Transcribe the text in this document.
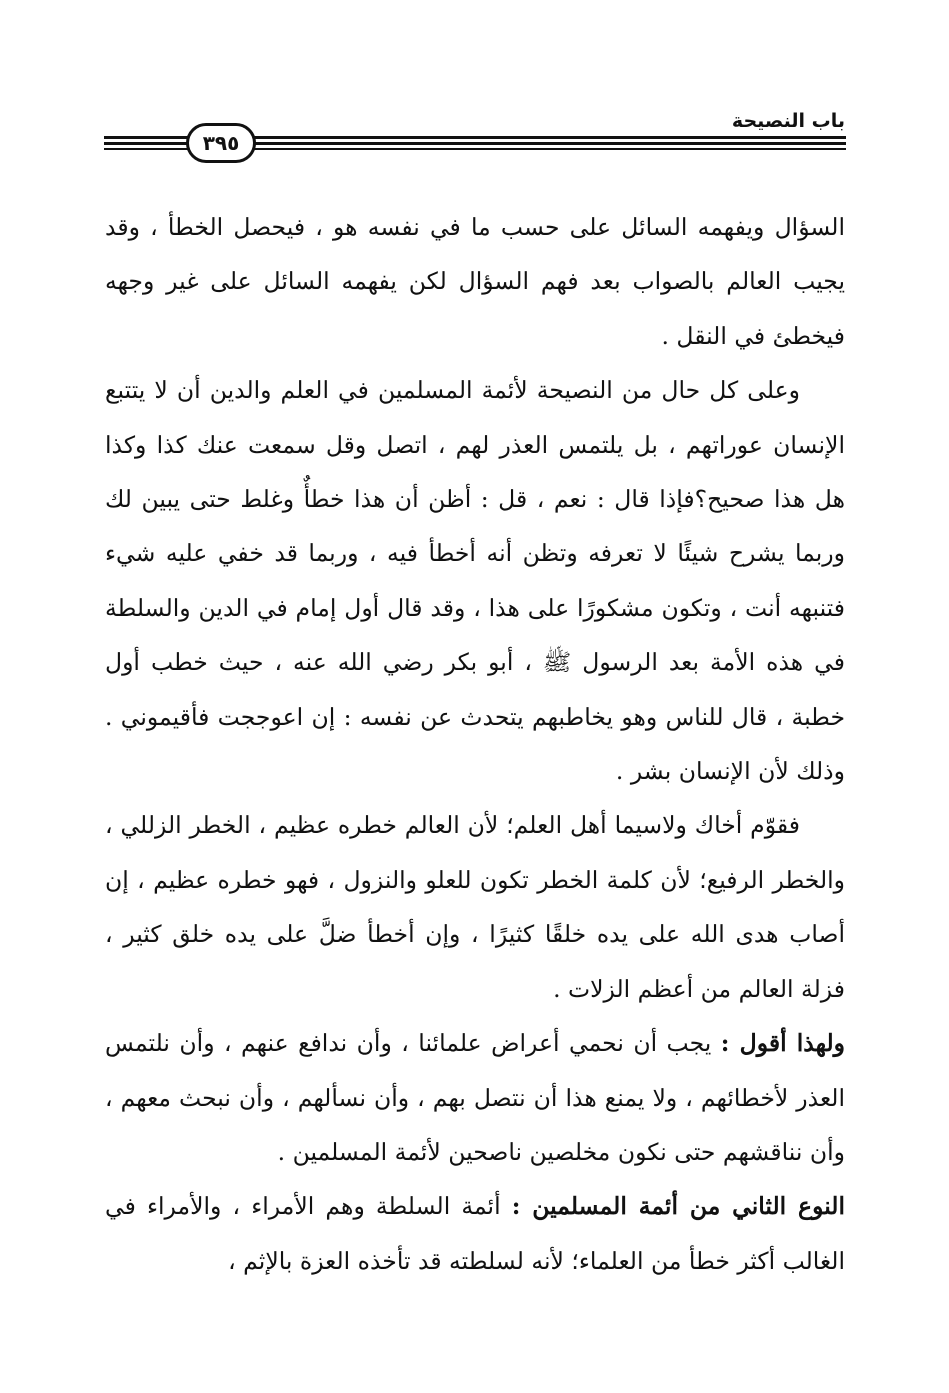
باب النصيحة
٣٩٥

السؤال ويفهمه السائل على حسب ما في نفسه هو ، فيحصل الخطأ ، وقد يجيب العالم بالصواب بعد فهم السؤال لكن يفهمه السائل على غير وجهه فيخطئ في النقل .

وعلى كل حال من النصيحة لأئمة المسلمين في العلم والدين أن لا يتتبع الإنسان عوراتهم ، بل يلتمس العذر لهم ، اتصل وقل سمعت عنك كذا وكذا هل هذا صحيح؟فإذا قال : نعم ، قل : أظن أن هذا خطأٌ وغلط حتى يبين لك وربما يشرح شيئًا لا تعرفه وتظن أنه أخطأ فيه ، وربما قد خفي عليه شيء فتنبهه أنت ، وتكون مشكورًا على هذا ، وقد قال أول إمام في الدين والسلطة في هذه الأمة بعد الرسول ﷺ ، أبو بكر رضي الله عنه ، حيث خطب أول خطبة ، قال للناس وهو يخاطبهم يتحدث عن نفسه : إن اعوججت فأقيموني . وذلك لأن الإنسان بشر .

فقوّم أخاك ولاسيما أهل العلم؛ لأن العالم خطره عظيم ، الخطر الزللي ، والخطر الرفيع؛ لأن كلمة الخطر تكون للعلو والنزول ، فهو خطره عظيم ، إن أصاب هدى الله على يده خلقًا كثيرًا ، وإن أخطأ ضلَّ على يده خلق كثير ، فزلة العالم من أعظم الزلات .

ولهذا أقول : يجب أن نحمي أعراض علمائنا ، وأن ندافع عنهم ، وأن نلتمس العذر لأخطائهم ، ولا يمنع هذا أن نتصل بهم ، وأن نسألهم ، وأن نبحث معهم ، وأن نناقشهم حتى نكون مخلصين ناصحين لأئمة المسلمين .

النوع الثاني من أئمة المسلمين : أئمة السلطة وهم الأمراء ، والأمراء في الغالب أكثر خطأ من العلماء؛ لأنه لسلطته قد تأخذه العزة بالإثم ،
